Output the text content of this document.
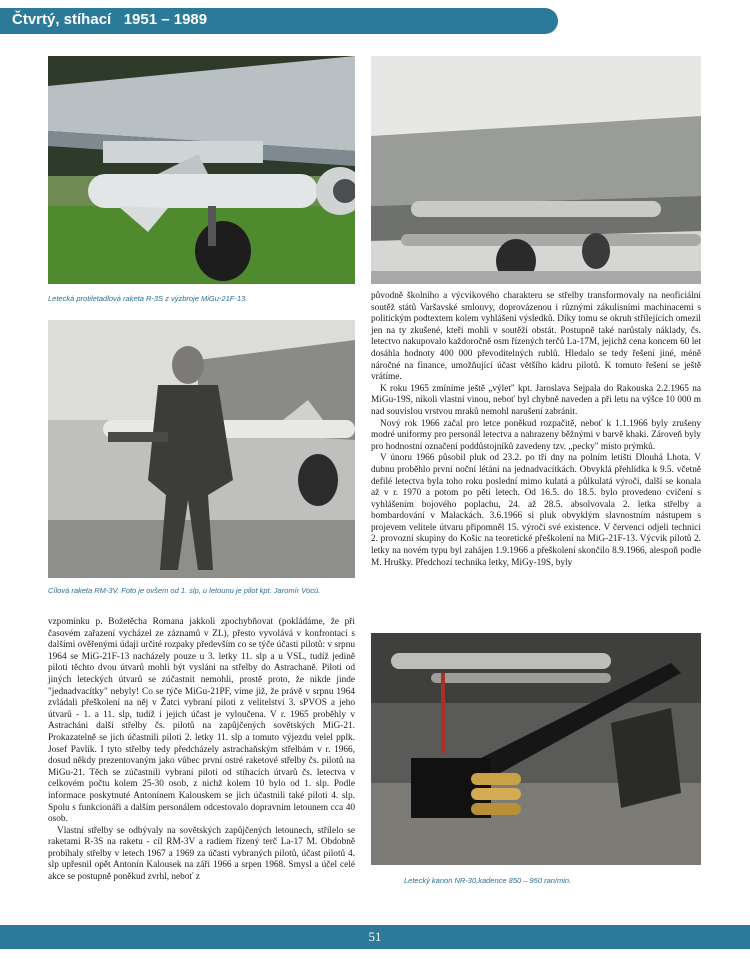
Čtvrtý, stíhací   1951 – 1989
Letecká protiletadlová raketa R-3S z výzbroje MiGu-21F-13.
Cílová raketa RM-3V. Foto je ovšem od 1. slp, u letounu je pilot kpt. Jaromír Vocú.

původně školního a výcvikového charakteru se střelby transformovaly na neoficiální soutěž států Varšavské smlouvy, doprovázenou i různými zákulisními machinacemi s politickým podtextem kolem vyhlášení výsledků. Díky tomu se okruh střílejících omezil jen na ty zkušené, kteří mohli v soutěži obstát. Postupně také narůstaly náklady, čs. letectvo nakupovalo každoročně osm řízených terčů La-17M, jejichž cena koncem 60 let dosáhla hodnoty 400 000 převoditelných rublů. Hledalo se tedy řešení jiné, méně náročné na finance, umožňující účast většího kádru pilotů. K tomuto řešení se ještě vrátíme.

K roku 1965 zmíníme ještě „výlet" kpt. Jaroslava Sejpala do Rakouska 2.2.1965 na MiGu-19S, nikoli vlastní vinou, neboť byl chybně naveden a při letu na výšce 10 000 m nad souvislou vrstvou mraků nemohl narušení zabránit.

Nový rok 1966 začal pro letce poněkud rozpačitě, neboť k 1.1.1966 byly zrušeny modré uniformy pro personál letectva a nahrazeny běžnými v barvě khaki. Zároveň byly pro hodnostní označení poddůstojníků zavedeny tzv. „pecky" místo prýmků.

V únoru 1966 působil pluk od 23.2. po tři dny na polním letišti Dlouhá Lhota. V dubnu proběhlo první noční létání na jednadvacítkách. Obvyklá přehlídka k 9.5. včetně defilé letectva byla toho roku poslední mimo kulatá a půlkulatá výročí, další se konala až v r. 1970 a potom po pěti letech. Od 16.5. do 18.5. bylo provedeno cvičení s vyhlášením bojového poplachu, 24. až 28.5. absolvovala 2. letka střelby a bombardování v Malackách. 3.6.1966 si pluk obvyklým slavnostním nástupem s projevem velitele útvaru připomněl 15. výročí své existence. V červenci odjeli technici 2. provozní skupiny do Košic na teoretické přeškolení na MiG-21F-13. Výcvik pilotů 2. letky na novém typu byl zahájen 1.9.1966 a přeškolení skončilo 8.9.1966, alespoň podle M. Hrušky. Předchozí technika letky, MiGy-19S, byly

vzpomínku p. Božetěcha Romana jakkoli zpochybňovat (pokládáme, že při časovém zařazení vycházel ze záznamů v ZL), přesto vyvolává v konfrontaci s dalšími ověřenými údaji určité rozpaky především co se týče účasti pilotů: v srpnu 1964 se MiG-21F-13 nacházely pouze u 3. letky 11. slp a u VSL, tudíž jedině piloti těchto dvou útvarů mohli být vysláni na střelby do Astrachaně. Piloti od jiných leteckých útvarů se zúčastnit nemohli, prostě proto, že nikde jinde "jednadvacítky" nebyly! Co se týče MiGu-21PF, víme již, že právě v srpnu 1964 zvládali přeškolení na něj v Žatci vybraní piloti z velitelství 3. sPVOS a jeho útvarů - 1. a 11. slp, tudíž i jejich účast je vyloučena. V r. 1965 proběhly v Astracháni další střelby čs. pilotů na zapůjčených sovětských MiG-21. Prokazatelně se jich účastnili piloti 2. letky 11. slp a tomuto výjezdu velel pplk. Josef Pavlík. I tyto střelby tedy předcházely astrachaňským střelbám v r. 1966, dosud někdy prezentovaným jako vůbec první ostré raketové střelby čs. pilotů na MiGu-21. Těch se zúčastnili vybraní piloti od stíhacích útvarů čs. letectva v celkovém počtu kolem 25-30 osob, z nichž kolem 10 bylo od 1. slp. Podle informace poskytnuté Antonínem Kalouskem se jich účastnili také piloti 4. slp. Spolu s funkcionáři a dalším personálem odcestovalo dopravním letounem cca 40 osob.

Vlastní střelby se odbývaly na sovětských zapůjčených letounech, střílelo se raketami R-3S na raketu - cíl RM-3V a radiem řízený terč La-17 M. Obdobně probíhaly střelby v letech 1967 a 1969 za účasti vybraných pilotů, účast pilotů 4. slp upřesnil opět Antonín Kalousek na září 1966 a srpen 1968. Smysl a účel celé akce se postupně poněkud zvrhl, neboť z	Letecký kanon NR-30,kadence 850 – 950 ran/min.
51
